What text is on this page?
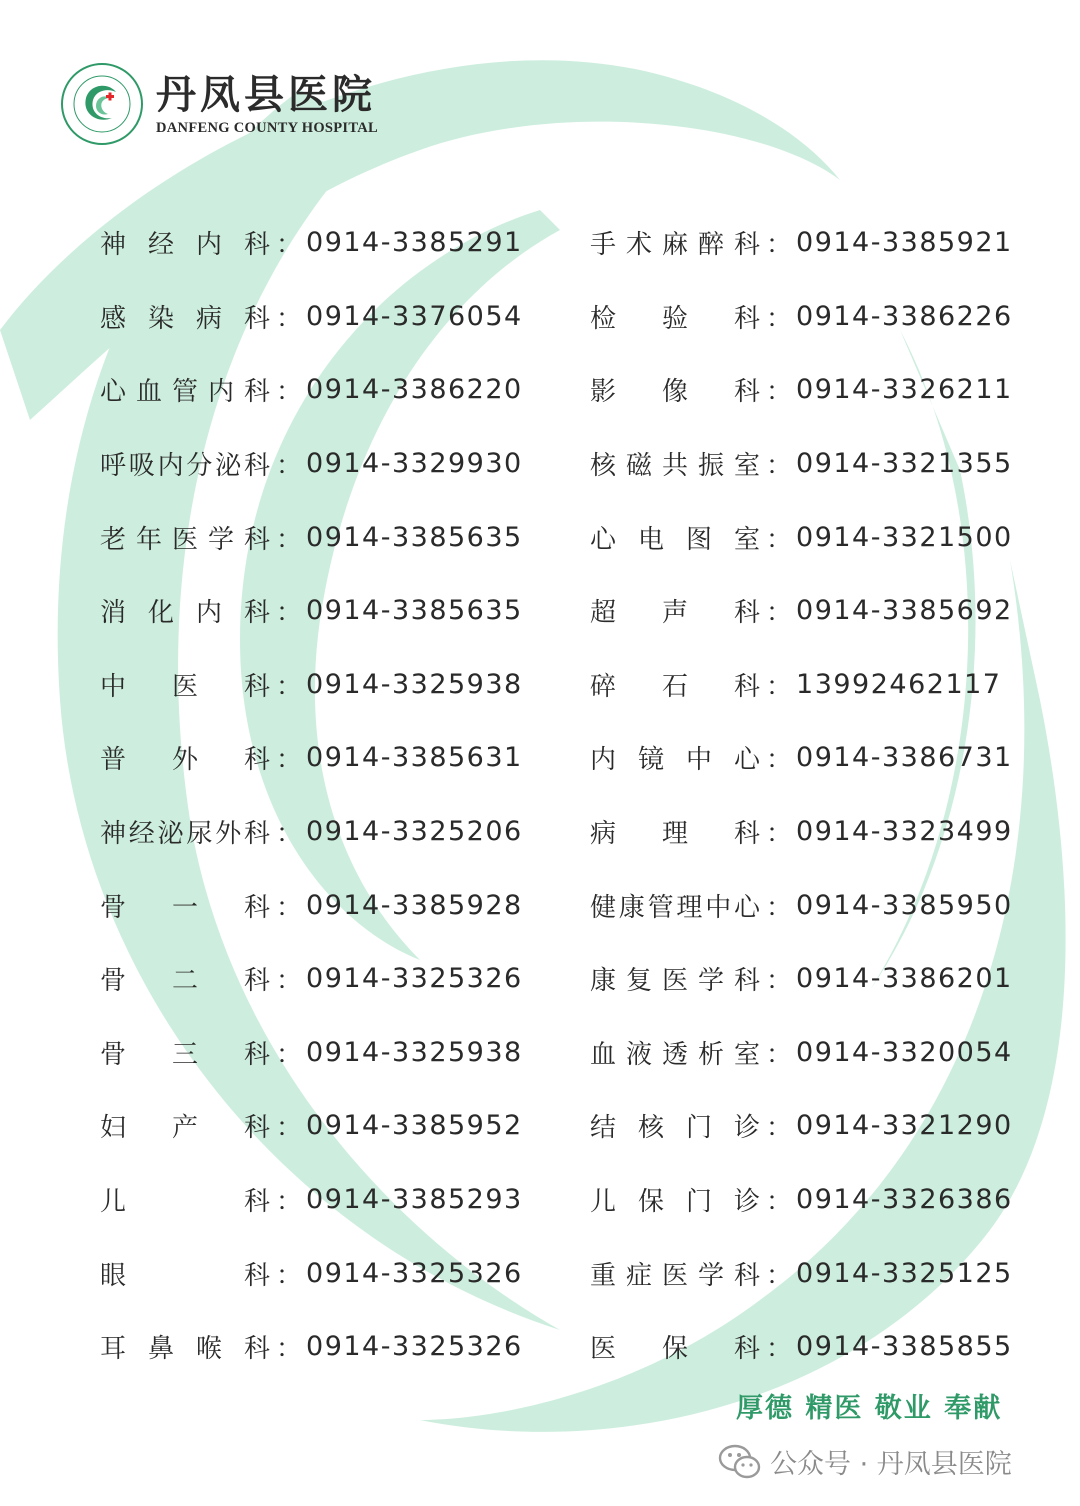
丹凤县医院
DANFENG COUNTY HOSPITAL
神 经 内 科 ： 0914-3385291
感 染 病 科 ： 0914-3376054
心 血 管 内 科 ： 0914-3386220
呼 吸 内 分 泌 科 ： 0914-3329930
老 年 医 学 科 ： 0914-3385635
消 化 内 科 ： 0914-3385635
中 医 科 ： 0914-3325938
普 外 科 ： 0914-3385631
神 经 泌 尿 外 科 ： 0914-3325206
骨 一 科 ： 0914-3385928
骨 二 科 ： 0914-3325326
骨 三 科 ： 0914-3325938
妇 产 科 ： 0914-3385952
儿	科 ： 0914-3385293
眼	科 ： 0914-3325326
耳 鼻 喉 科 ： 0914-3325326
手 术 麻 醉 科 ： 0914-3385921
检 验 科 ： 0914-3386226
影 像 科 ： 0914-3326211
核 磁 共 振 室 ： 0914-3321355
心 电 图 室 ： 0914-3321500
超 声 科 ： 0914-3385692
碎 石 科 ： 13992462117
内 镜 中 心 ： 0914-3386731
病 理 科 ： 0914-3323499
健 康 管 理 中 心 ： 0914-3385950
康 复 医 学 科 ： 0914-3386201
血 液 透 析 室 ： 0914-3320054
结 核 门 诊 ： 0914-3321290
儿 保 门 诊 ： 0914-3326386
重 症 医 学 科 ： 0914-3325125
医 保 科 ： 0914-3385855
厚德 精医 敬业 奉献
公众号 · 丹凤县医院
